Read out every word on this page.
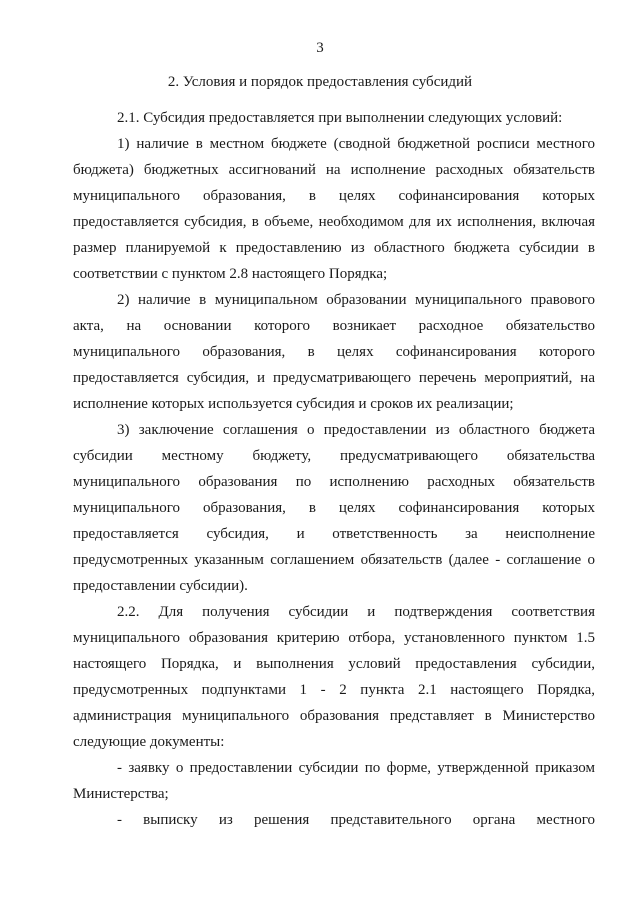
3
2. Условия и порядок предоставления субсидий
2.1. Субсидия предоставляется при выполнении следующих условий:
1) наличие в местном бюджете (сводной бюджетной росписи местного
бюджета) бюджетных ассигнований на исполнение расходных обязательств
муниципального образования, в целях софинансирования которых
предоставляется субсидия, в объеме, необходимом для их исполнения, включая
размер планируемой к предоставлению из областного бюджета субсидии в
соответствии с пунктом 2.8 настоящего Порядка;
2) наличие в муниципальном образовании муниципального правового
акта, на основании которого возникает расходное обязательство
муниципального образования, в целях софинансирования которого
предоставляется субсидия, и предусматривающего перечень мероприятий, на
исполнение которых используется субсидия и сроков их реализации;
3) заключение соглашения о предоставлении из областного бюджета
субсидии местному бюджету, предусматривающего обязательства
муниципального образования по исполнению расходных обязательств
муниципального образования, в целях софинансирования которых
предоставляется субсидия, и ответственность за неисполнение
предусмотренных указанным соглашением обязательств (далее - соглашение о
предоставлении субсидии).
2.2. Для получения субсидии и подтверждения соответствия
муниципального образования критерию отбора, установленного пунктом 1.5
настоящего Порядка, и выполнения условий предоставления субсидии,
предусмотренных подпунктами 1 - 2 пункта 2.1 настоящего Порядка,
администрация муниципального образования представляет в Министерство
следующие документы:
- заявку о предоставлении субсидии по форме, утвержденной приказом
Министерства;
- выписку из решения представительного органа местного
